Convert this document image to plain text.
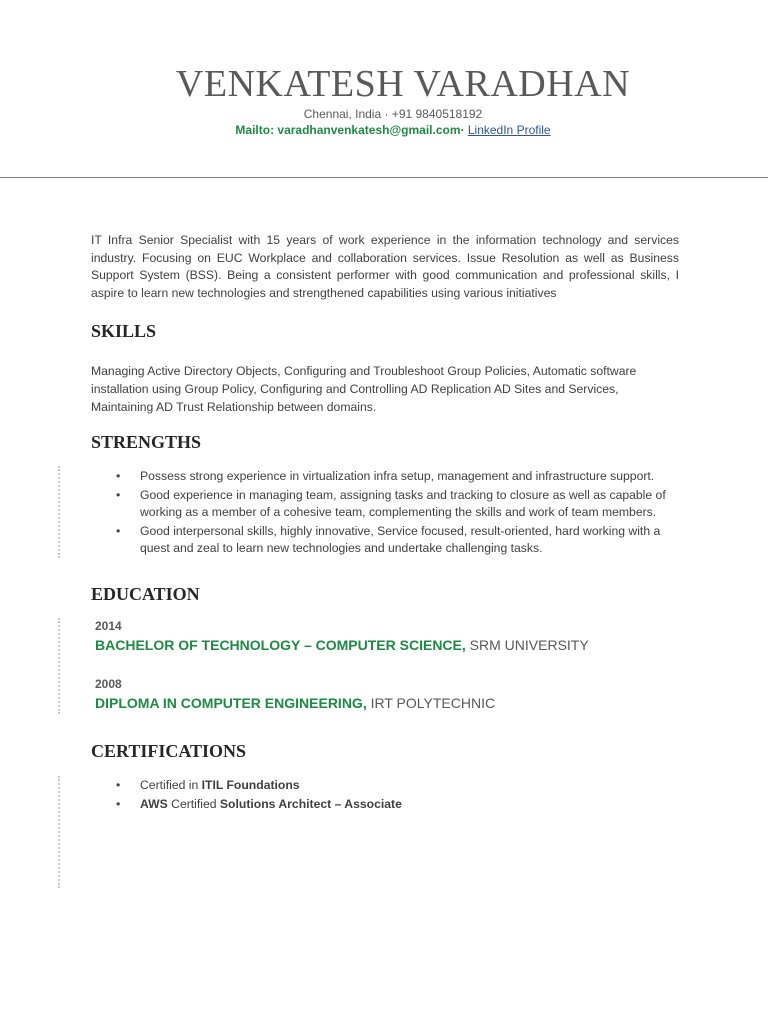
VENKATESH VARADHAN
Chennai, India · +91 9840518192
Mailto: varadhanvenkatesh@gmail.com· LinkedIn Profile

IT Infra Senior Specialist with 15 years of work experience in the information technology and services industry. Focusing on EUC Workplace and collaboration services. Issue Resolution as well as Business Support System (BSS). Being a consistent performer with good communication and professional skills, I aspire to learn new technologies and strengthened capabilities using various initiatives

SKILLS

Managing Active Directory Objects, Configuring and Troubleshoot Group Policies, Automatic software installation using Group Policy, Configuring and Controlling AD Replication AD Sites and Services, Maintaining AD Trust Relationship between domains.

STRENGTHS
• Possess strong experience in virtualization infra setup, management and infrastructure support.
• Good experience in managing team, assigning tasks and tracking to closure as well as capable of working as a member of a cohesive team, complementing the skills and work of team members.
• Good interpersonal skills, highly innovative, Service focused, result-oriented, hard working with a quest and zeal to learn new technologies and undertake challenging tasks.
EDUCATION
2014
BACHELOR OF TECHNOLOGY – COMPUTER SCIENCE, SRM UNIVERSITY
2008
DIPLOMA IN COMPUTER ENGINEERING, IRT POLYTECHNIC
CERTIFICATIONS
• Certified in ITIL Foundations
• AWS Certified Solutions Architect – Associate
